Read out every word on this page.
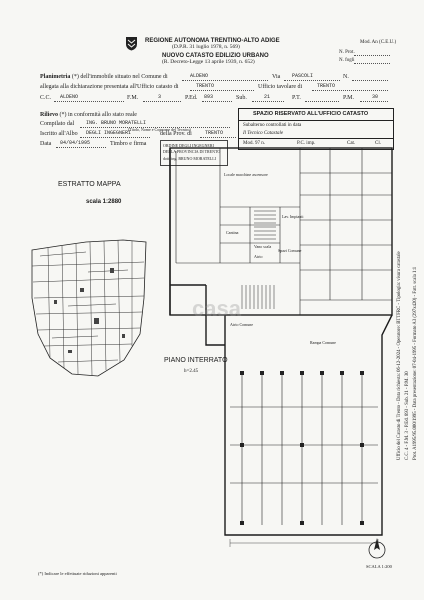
REGIONE AUTONOMA TRENTINO-ALTO ADIGE
(D.P.R. 31 luglio 1978, n. 569)
NUOVO CATASTO EDILIZIO URBANO
(R. Decreto-Legge 13 aprile 1939, n. 652)
Mod. An (C.E.U.)
N. Prot.
N. fogli
Planimetria (*) dell'immobile situato nel Comune di	ALDENO	Via PASCOLI	N.
allegata alla dichiarazione presentata all'Ufficio catasto di	TRENTO	Ufficio tavolare di	TRENTO
C.C. ALDENO	F.M.	3	P.Ed. 893	Sub.	21	P.T.	P.M.	30
Rilievo (*) in conformità allo stato reale
Compilato dal ING. BRUNO MORATELLI
(Titolo, Nome e Cognome del Tecnico)
Iscritto all'Albo DEGLI INGEGNERI	della Prov. di	TRENTO
Data 04/04/1995	Timbro e firma	ORDINE DEGLI INGEGNERI
DELLA PROVINCIA DI TRENTO
dott. ing. BRUNO MORATELLI
SPAZIO RISERVATO ALL'UFFICIO CATASTO
Subalterno controllati in data
Il Tecnico Catastale
Mod. 97 n.	P.C. imp.	Cat.	Cl.
ESTRATTO MAPPA
scala 1:2880
Locale macchine ascensore
Cantina
Vano scala
Lav. Impianti
Atrio
Spazi Comune
Atrio Comune
Rampa Comune
PIANO INTERRATO
h=2.45
casa	Ufficio del Catasto di Trento - Data richiesta: 06-12-2024 - Operatore: BTTFRC - Tipologia: visura catastale C.C. 4 - F.M. 3 - P.Ed. 893 - Sub. 21 - P.M. 30 Prot. A1995/95.000/1995 - Data presentazione: 07-04-1995 - Formato A3 (297x420) - Fatt. scala 1:1
(*) Indicare le effettuate riduzioni apparenti
SCALA 1:200
